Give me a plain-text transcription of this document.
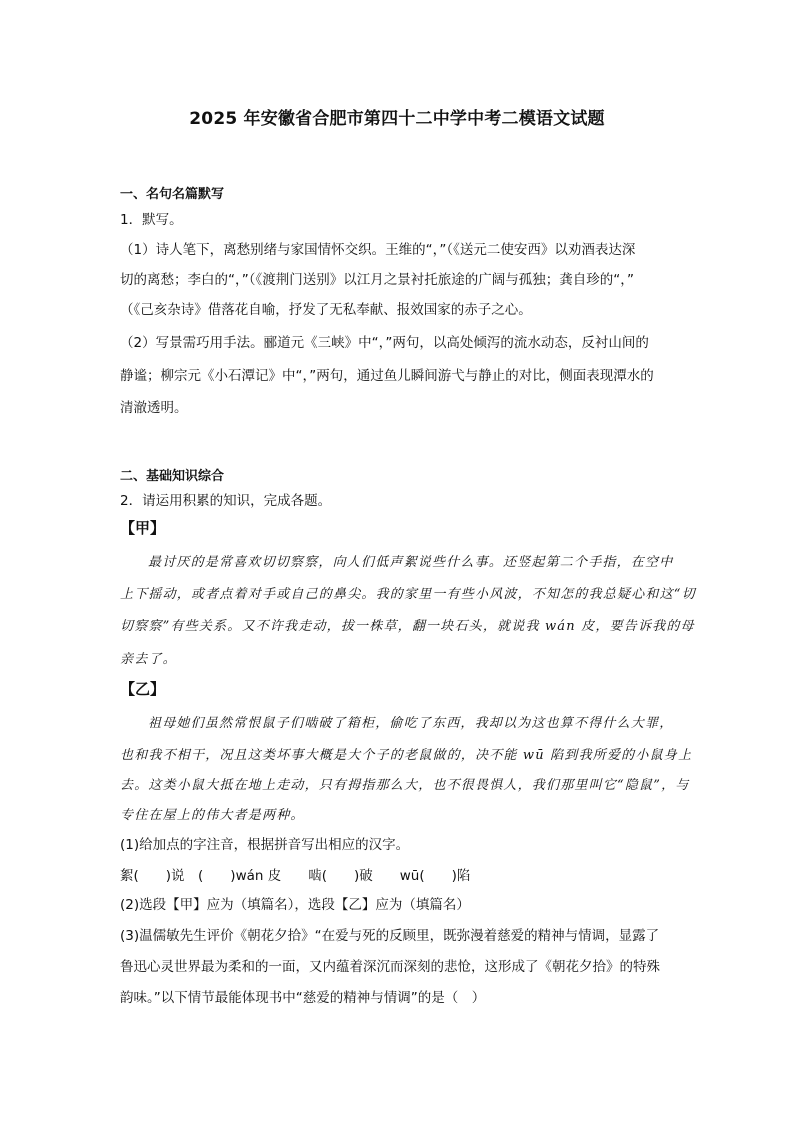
2025 年安徽省合肥市第四十二中学中考二模语文试题
一、名句名篇默写
1．默写。
（1）诗人笔下，离愁别绪与家国情怀交织。王维的“，”（《送元二使安西》以劝酒表达深
切的离愁；李白的“，”（《渡荆门送别》以江月之景衬托旅途的广阔与孤独；龚自珍的“，”
（《己亥杂诗》借落花自喻，抒发了无私奉献、报效国家的赤子之心。
（2）写景需巧用手法。郦道元《三峡》中“，”两句，以高处倾泻的流水动态，反衬山间的
静谧；柳宗元《小石潭记》中“，”两句，通过鱼儿瞬间游弋与静止的对比，侧面表现潭水的
清澈透明。
二、基础知识综合
2．请运用积累的知识，完成各题。
【甲】
最讨厌的是常喜欢切切察察，向人们低声絮说些什么事。还竖起第二个手指，在空中
上下摇动，或者点着对手或自己的鼻尖。我的家里一有些小风波，不知怎的我总疑心和这“切
切察察”有些关系。又不许我走动，拔一株草，翻一块石头，就说我 wán 皮，要告诉我的母
亲去了。
【乙】
祖母她们虽然常恨鼠子们啮破了箱柜，偷吃了东西，我却以为这也算不得什么大罪，
也和我不相干，况且这类坏事大概是大个子的老鼠做的，决不能 wū 陷到我所爱的小鼠身上
去。这类小鼠大抵在地上走动，只有拇指那么大，也不很畏惧人，我们那里叫它“隐鼠”，与
专住在屋上的伟大者是两种。
(1)给加点的字注音，根据拼音写出相应的汉字。
絮(　　)说　(　　)wán 皮　　啮(　　)破　　wū(　　)陷
(2)选段【甲】应为（填篇名），选段【乙】应为（填篇名）
(3)温儒敏先生评价《朝花夕拾》“在爱与死的反顾里，既弥漫着慈爱的精神与情调，显露了
鲁迅心灵世界最为柔和的一面，又内蕴着深沉而深刻的悲怆，这形成了《朝花夕拾》的特殊
韵味。”以下情节最能体现书中“慈爱的精神与情调”的是（　）
